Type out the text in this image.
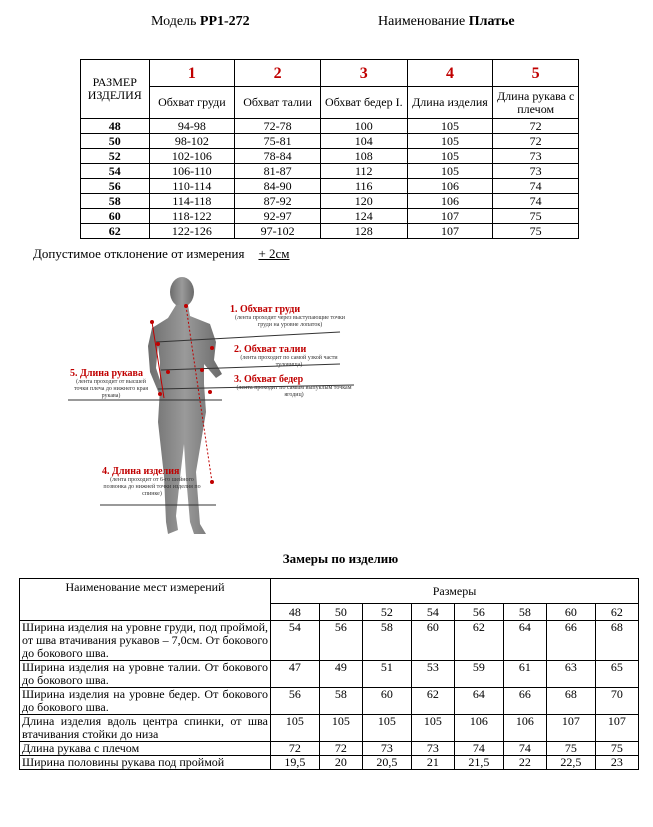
Модель РР1-272	Наименование Платье
РАЗМЕР ИЗДЕЛИЯ	1	2	3	4	5
	Обхват груди	Обхват талии	Обхват бедер I.	Длина изделия	Длина рукава с плечом
48	94-98	72-78	100	105	72
50	98-102	75-81	104	105	72
52	102-106	78-84	108	105	73
54	106-110	81-87	112	105	73
56	110-114	84-90	116	106	74
58	114-118	87-92	120	106	74
60	118-122	92-97	124	107	75
62	122-126	97-102	128	107	75
Допустимое отклонение от измерения + 2см
1. Обхват груди
(лента проходит через выступающие точки груди на уровне лопаток)
2. Обхват талии
(лента проходит по самой узкой части туловища)
3. Обхват бедер
(лента проходит по самым выпуклым точкам ягодиц)
5. Длина рукава
(лента проходит от высшей точки плеча до нижнего края рукава)
4. Длина изделия
(лента проходит от 6-го шейного позвонка до нижней точки изделия по спинке)
Замеры по изделию
Наименование мест измерений	Размеры							
	48	50	52	54	56	58	60	62
Ширина изделия на уровне груди, под проймой, от шва втачивания рукавов – 7,0см. От бокового до бокового шва.	54	56	58	60	62	64	66	68
Ширина изделия на уровне талии. От бокового до бокового шва.	47	49	51	53	59	61	63	65
Ширина изделия на уровне бедер. От бокового до бокового шва.	56	58	60	62	64	66	68	70
Длина изделия вдоль центра спинки, от шва втачивания стойки до низа	105	105	105	105	106	106	107	107
Длина рукава с плечом	72	72	73	73	74	74	75	75
Ширина половины рукава под проймой	19,5	20	20,5	21	21,5	22	22,5	23
